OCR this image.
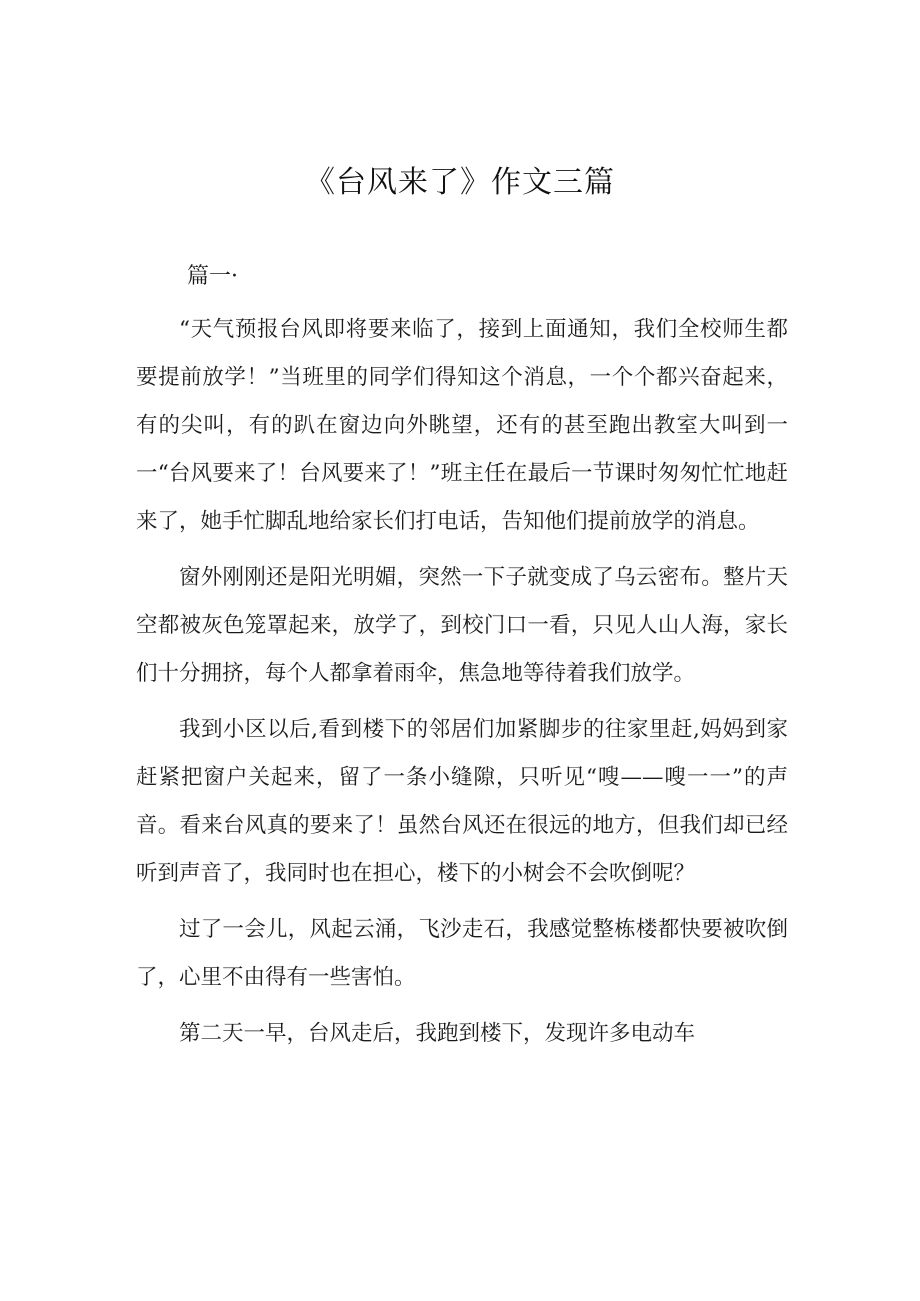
《台风来了》作文三篇

篇一·

“天气预报台风即将要来临了，接到上面通知，我们全校师生都要提前放学！”当班里的同学们得知这个消息，一个个都兴奋起来，有的尖叫，有的趴在窗边向外眺望，还有的甚至跑出教室大叫到一一“台风要来了！台风要来了！”班主任在最后一节课时匆匆忙忙地赶来了，她手忙脚乱地给家长们打电话，告知他们提前放学的消息。

窗外刚刚还是阳光明媚，突然一下子就变成了乌云密布。整片天空都被灰色笼罩起来，放学了，到校门口一看，只见人山人海，家长们十分拥挤，每个人都拿着雨伞，焦急地等待着我们放学。

我到小区以后,看到楼下的邻居们加紧脚步的往家里赶,妈妈到家赶紧把窗户关起来，留了一条小缝隙，只听见“嗖——嗖一一”的声音。看来台风真的要来了！虽然台风还在很远的地方，但我们却已经听到声音了，我同时也在担心，楼下的小树会不会吹倒呢？

过了一会儿，风起云涌，飞沙走石，我感觉整栋楼都快要被吹倒了，心里不由得有一些害怕。

第二天一早，台风走后，我跑到楼下，发现许多电动车
